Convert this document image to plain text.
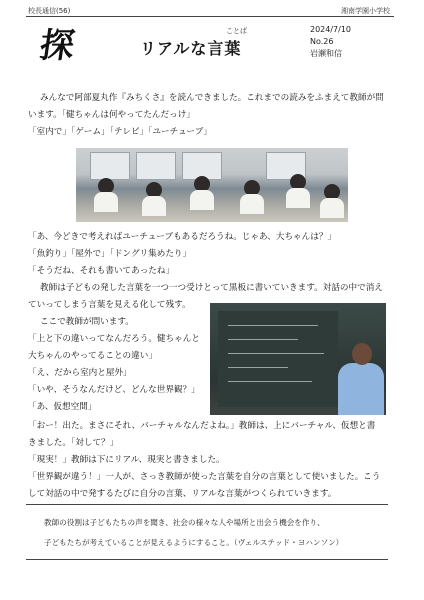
校長通信(56)	湘南学園小学校
探	ことば
リアルな言葉
2024/7/10
No.26
岩瀬和信
みんなで阿部夏丸作『みちくさ』を読んできました。これまでの読みをふまえて教師が問
います。「健ちゃんは何やってたんだっけ」
「室内で」「ゲーム」「テレビ」「ユーチューブ」
「あ、今どきで考えればユーチューブもあるだろうね。じゃあ、大ちゃんは？」
「魚釣り」「屋外で」「ドングリ集めたり」
「そうだね、それも書いてあったね」
教師は子どもの発した言葉を一つ一つ受けとって黒板に書いていきます。対話の中で消え
ていってしまう言葉を見える化して残す。
ここで教師が問います。
「上と下の違いってなんだろう。健ちゃんと
大ちゃんのやってることの違い」
「え、だから室内と屋外」
「いや、そうなんだけど、どんな世界観？」
「あ、仮想空間」
「おー！出た。まさにそれ、バーチャルなんだよね。」教師は、上にバーチャル、仮想と書
きました。「対して？」
「現実！」教師は下にリアル、現実と書きました。
「世界観が違う！」一人が、さっき教師が使った言葉を自分の言葉として使いました。こう
して対話の中で発するたびに自分の言葉、リアルな言葉がつくられていきます。
教師の役割は子どもたちの声を聞き、社会の様々な人や場所と出会う機会を作り、
子どもたちが考えていることが見えるようにすること。（ヴェルステッド・ヨハンソン）
